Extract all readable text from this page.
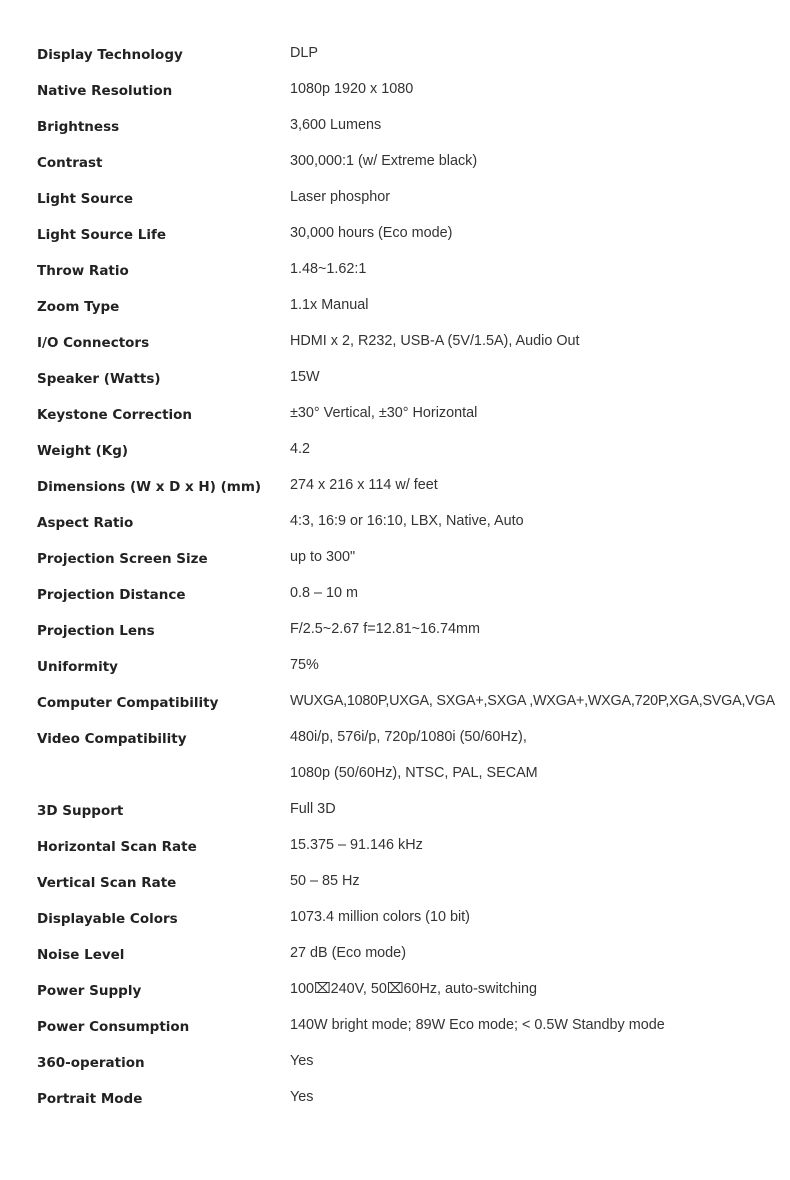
Display Technology	DLP
Native Resolution	1080p 1920 x 1080
Brightness	3,600 Lumens
Contrast	300,000:1 (w/ Extreme black)
Light Source	Laser phosphor
Light Source Life	30,000 hours (Eco mode)
Throw Ratio	1.48~1.62:1
Zoom Type	1.1x Manual
I/O Connectors	HDMI x 2, R232, USB-A (5V/1.5A), Audio Out
Speaker (Watts)	15W
Keystone Correction	±30° Vertical, ±30° Horizontal
Weight (Kg)	4.2
Dimensions (W x D x H) (mm)	274 x 216 x 114 w/ feet
Aspect Ratio	4:3, 16:9 or 16:10, LBX, Native, Auto
Projection Screen Size	up to 300"
Projection Distance	0.8 – 10 m
Projection Lens	F/2.5~2.67 f=12.81~16.74mm
Uniformity	75%
Computer Compatibility	WUXGA,1080P,UXGA, SXGA+,SXGA ,WXGA+,WXGA,720P,XGA,SVGA,VGA
Video Compatibility	480i/p, 576i/p, 720p/1080i (50/60Hz),
1080p (50/60Hz), NTSC, PAL, SECAM
3D Support	Full 3D
Horizontal Scan Rate	15.375 – 91.146 kHz
Vertical Scan Rate	50 – 85 Hz
Displayable Colors	1073.4 million colors (10 bit)
Noise Level	27 dB (Eco mode)
Power Supply	100⌧240V, 50⌧60Hz, auto-switching
Power Consumption	140W bright mode; 89W Eco mode; < 0.5W Standby mode
360-operation	Yes
Portrait Mode	Yes
